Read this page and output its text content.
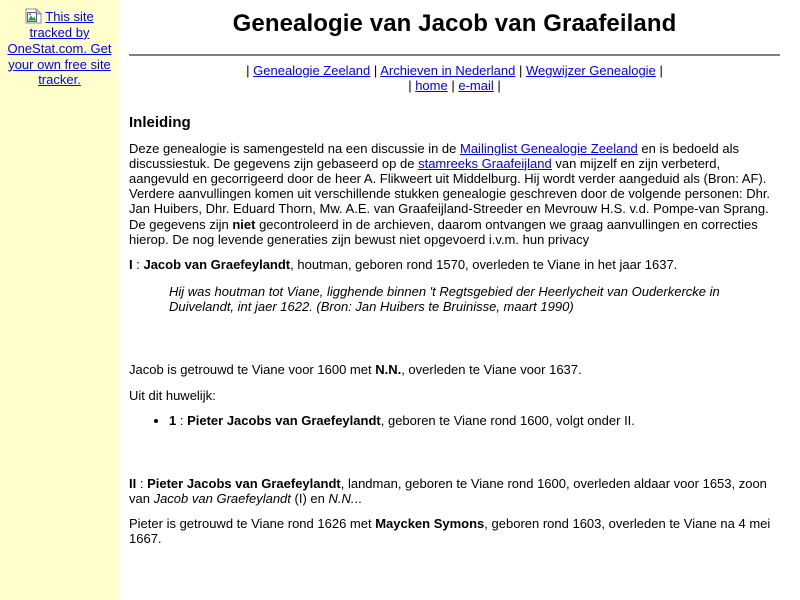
This site tracked by OneStat.com. Get your own free site tracker.
Genealogie van Jacob van Graafeiland
| Genealogie Zeeland | Archieven in Nederland | Wegwijzer Genealogie |
| home | e-mail |
Inleiding

Deze genealogie is samengesteld na een discussie in de Mailinglist Genealogie Zeeland en is bedoeld als discussiestuk. De gegevens zijn gebaseerd op de stamreeks Graafeijland van mijzelf en zijn verbeterd, aangevuld en gecorrigeerd door de heer A. Flikweert uit Middelburg. Hij wordt verder aangeduid als (Bron: AF). Verdere aanvullingen komen uit verschillende stukken genealogie geschreven door de volgende personen: Dhr. Jan Huibers, Dhr. Eduard Thorn, Mw. A.E. van Graafeijland-Streeder en Mevrouw H.S. v.d. Pompe-van Sprang. De gegevens zijn niet gecontroleerd in de archieven, daarom ontvangen we graag aanvullingen en correcties hierop. De nog levende generaties zijn bewust niet opgevoerd i.v.m. hun privacy

I : Jacob van Graefeylandt, houtman, geboren rond 1570, overleden te Viane in het jaar 1637.

Hij was houtman tot Viane, ligghende binnen 't Regtsgebied der Heerlycheit van Ouderkercke in Duivelandt, int jaer 1622. (Bron: Jan Huibers te Bruinisse, maart 1990)

Jacob is getrouwd te Viane voor 1600 met N.N., overleden te Viane voor 1637.

Uit dit huwelijk:

• 1 : Pieter Jacobs van Graefeylandt, geboren te Viane rond 1600, volgt onder II.

II : Pieter Jacobs van Graefeylandt, landman, geboren te Viane rond 1600, overleden aldaar voor 1653, zoon van Jacob van Graefeylandt (I) en N.N...

Pieter is getrouwd te Viane rond 1626 met Maycken Symons, geboren rond 1603, overleden te Viane na 4 mei 1667.
